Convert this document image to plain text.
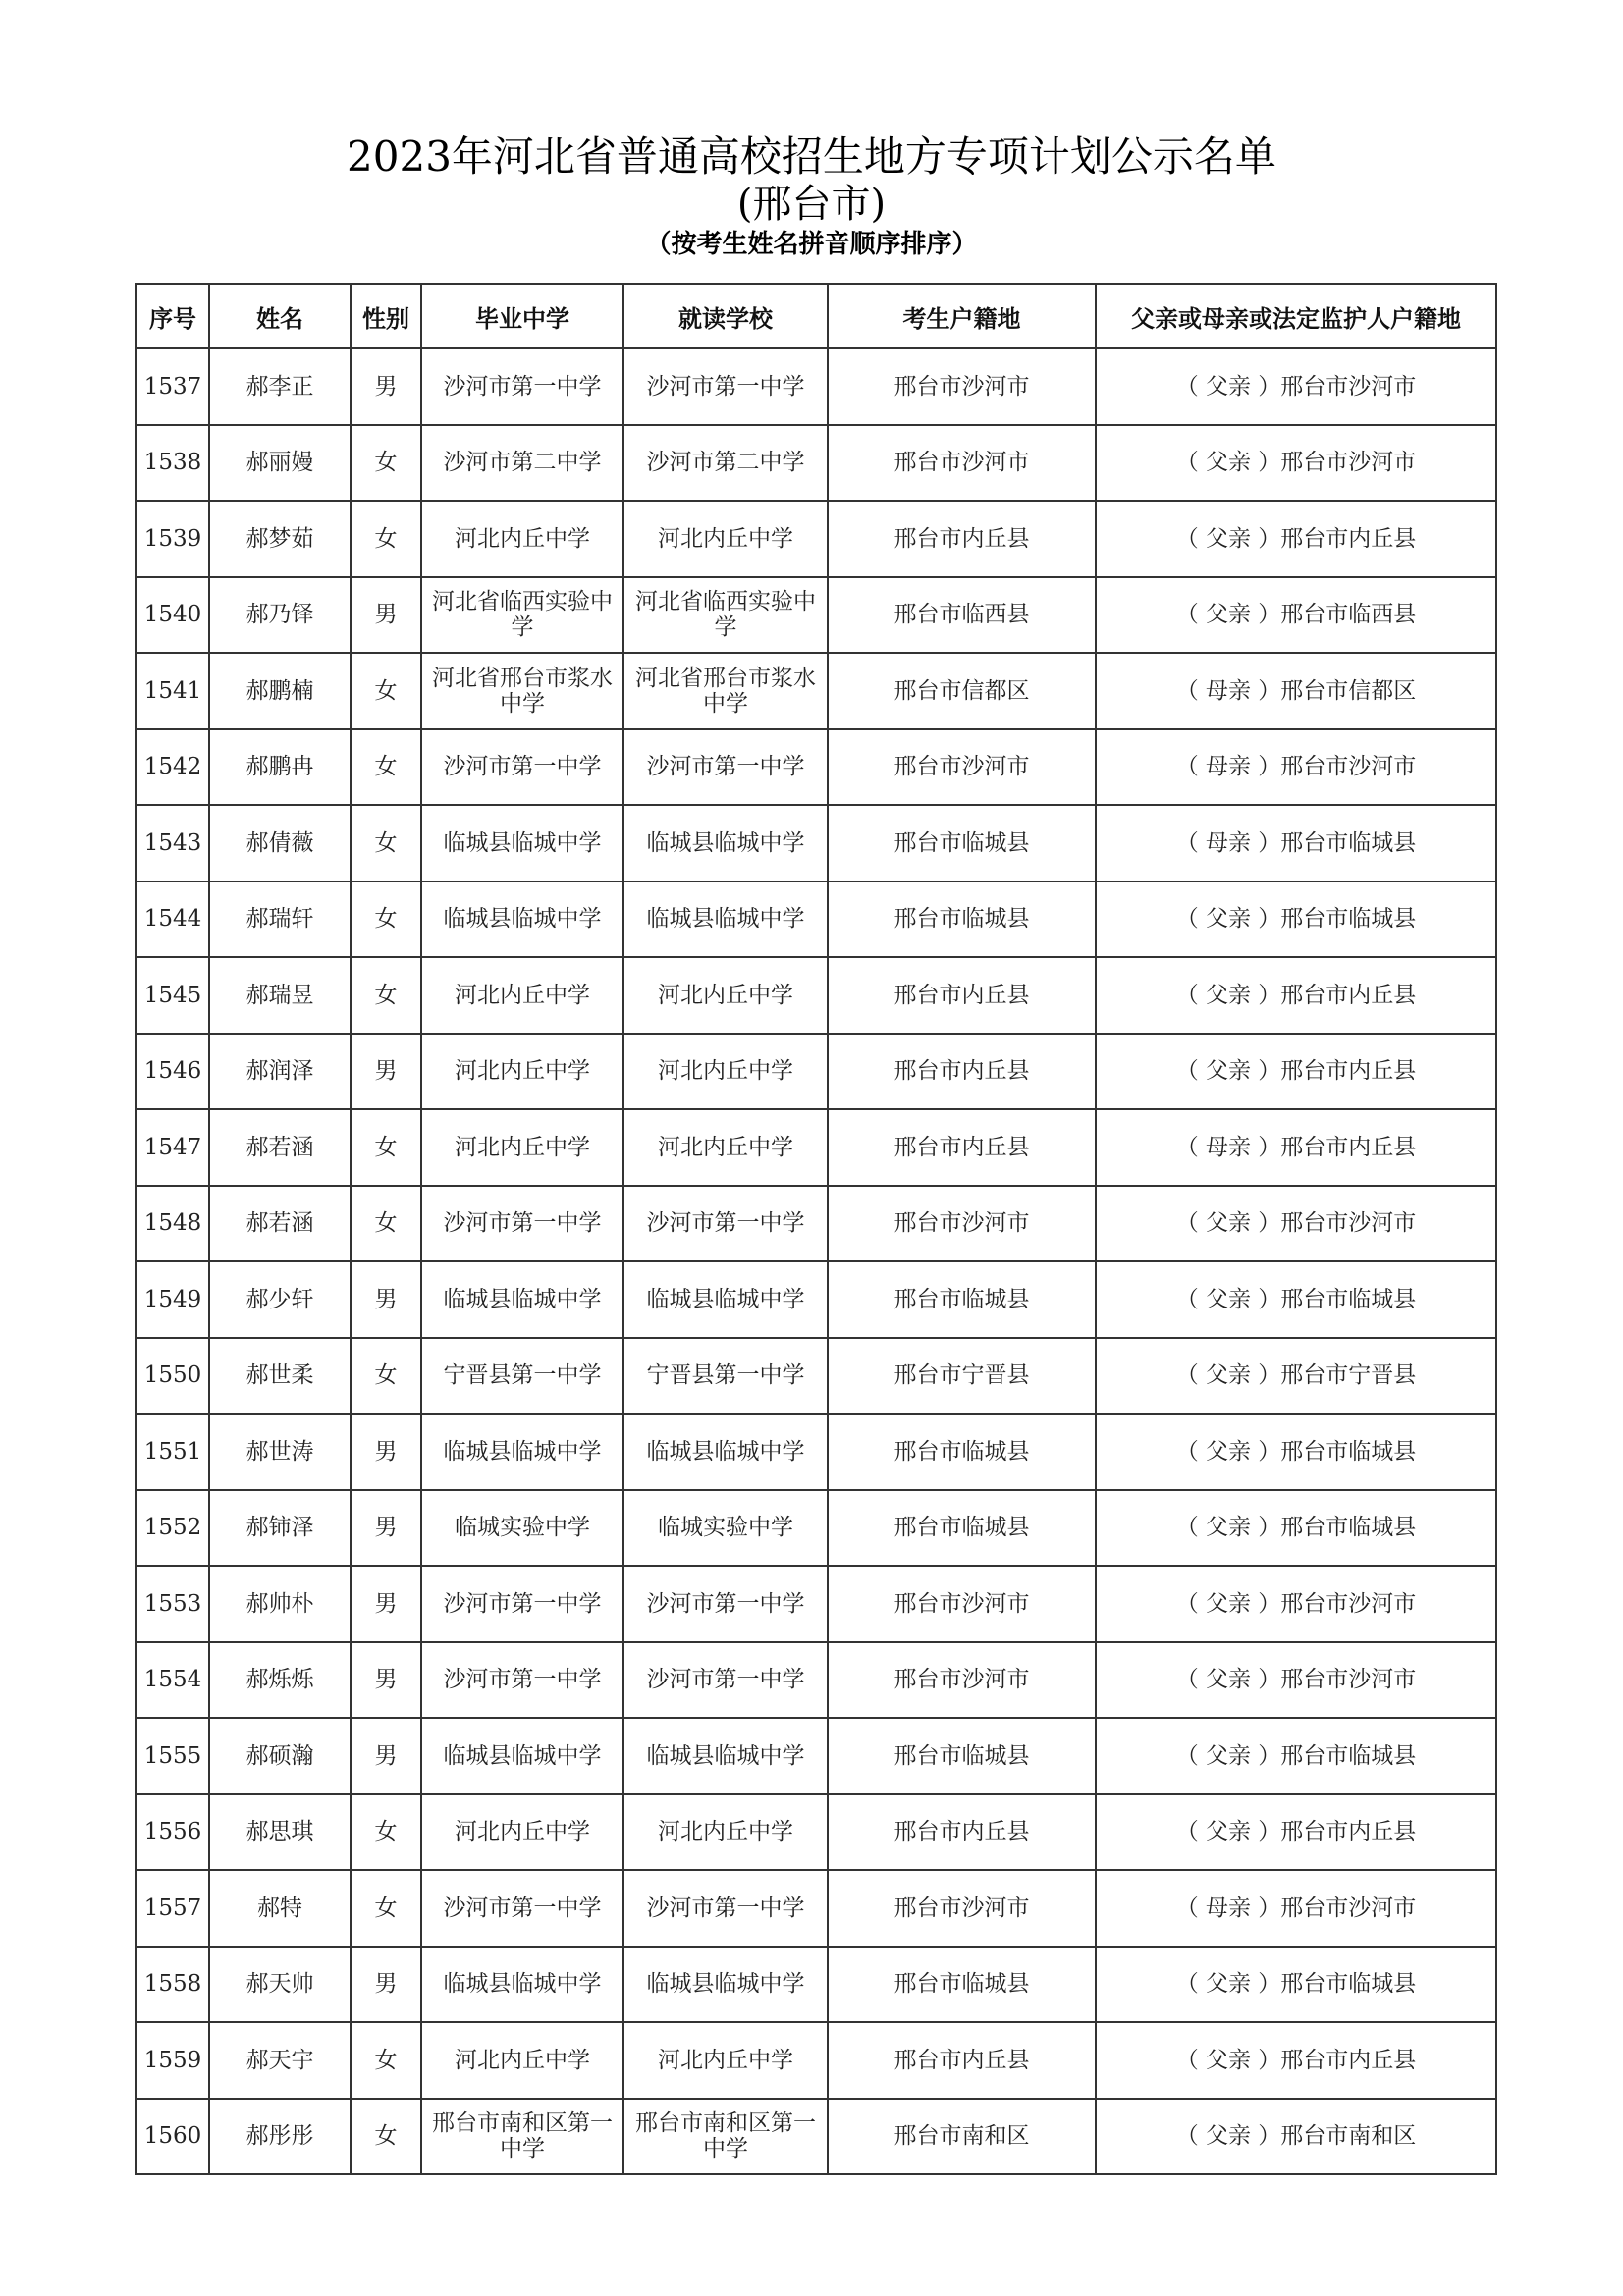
2023年河北省普通高校招生地方专项计划公示名单
(邢台市)
（按考生姓名拼音顺序排序）
序号	姓名	性别	毕业中学	就读学校	考生户籍地	父亲或母亲或法定监护人户籍地
1537	郝李正	男	沙河市第一中学	沙河市第一中学	邢台市沙河市	（ 父亲 ）邢台市沙河市
1538	郝丽嫚	女	沙河市第二中学	沙河市第二中学	邢台市沙河市	（ 父亲 ）邢台市沙河市
1539	郝梦茹	女	河北内丘中学	河北内丘中学	邢台市内丘县	（ 父亲 ）邢台市内丘县
1540	郝乃铎	男	河北省临西实验中学	河北省临西实验中学	邢台市临西县	（ 父亲 ）邢台市临西县
1541	郝鹏楠	女	河北省邢台市浆水中学	河北省邢台市浆水中学	邢台市信都区	（ 母亲 ）邢台市信都区
1542	郝鹏冉	女	沙河市第一中学	沙河市第一中学	邢台市沙河市	（ 母亲 ）邢台市沙河市
1543	郝倩薇	女	临城县临城中学	临城县临城中学	邢台市临城县	（ 母亲 ）邢台市临城县
1544	郝瑞轩	女	临城县临城中学	临城县临城中学	邢台市临城县	（ 父亲 ）邢台市临城县
1545	郝瑞昱	女	河北内丘中学	河北内丘中学	邢台市内丘县	（ 父亲 ）邢台市内丘县
1546	郝润泽	男	河北内丘中学	河北内丘中学	邢台市内丘县	（ 父亲 ）邢台市内丘县
1547	郝若涵	女	河北内丘中学	河北内丘中学	邢台市内丘县	（ 母亲 ）邢台市内丘县
1548	郝若涵	女	沙河市第一中学	沙河市第一中学	邢台市沙河市	（ 父亲 ）邢台市沙河市
1549	郝少轩	男	临城县临城中学	临城县临城中学	邢台市临城县	（ 父亲 ）邢台市临城县
1550	郝世柔	女	宁晋县第一中学	宁晋县第一中学	邢台市宁晋县	（ 父亲 ）邢台市宁晋县
1551	郝世涛	男	临城县临城中学	临城县临城中学	邢台市临城县	（ 父亲 ）邢台市临城县
1552	郝铈泽	男	临城实验中学	临城实验中学	邢台市临城县	（ 父亲 ）邢台市临城县
1553	郝帅朴	男	沙河市第一中学	沙河市第一中学	邢台市沙河市	（ 父亲 ）邢台市沙河市
1554	郝烁烁	男	沙河市第一中学	沙河市第一中学	邢台市沙河市	（ 父亲 ）邢台市沙河市
1555	郝硕瀚	男	临城县临城中学	临城县临城中学	邢台市临城县	（ 父亲 ）邢台市临城县
1556	郝思琪	女	河北内丘中学	河北内丘中学	邢台市内丘县	（ 父亲 ）邢台市内丘县
1557	郝特	女	沙河市第一中学	沙河市第一中学	邢台市沙河市	（ 母亲 ）邢台市沙河市
1558	郝天帅	男	临城县临城中学	临城县临城中学	邢台市临城县	（ 父亲 ）邢台市临城县
1559	郝天宇	女	河北内丘中学	河北内丘中学	邢台市内丘县	（ 父亲 ）邢台市内丘县
1560	郝彤彤	女	邢台市南和区第一中学	邢台市南和区第一中学	邢台市南和区	（ 父亲 ）邢台市南和区
